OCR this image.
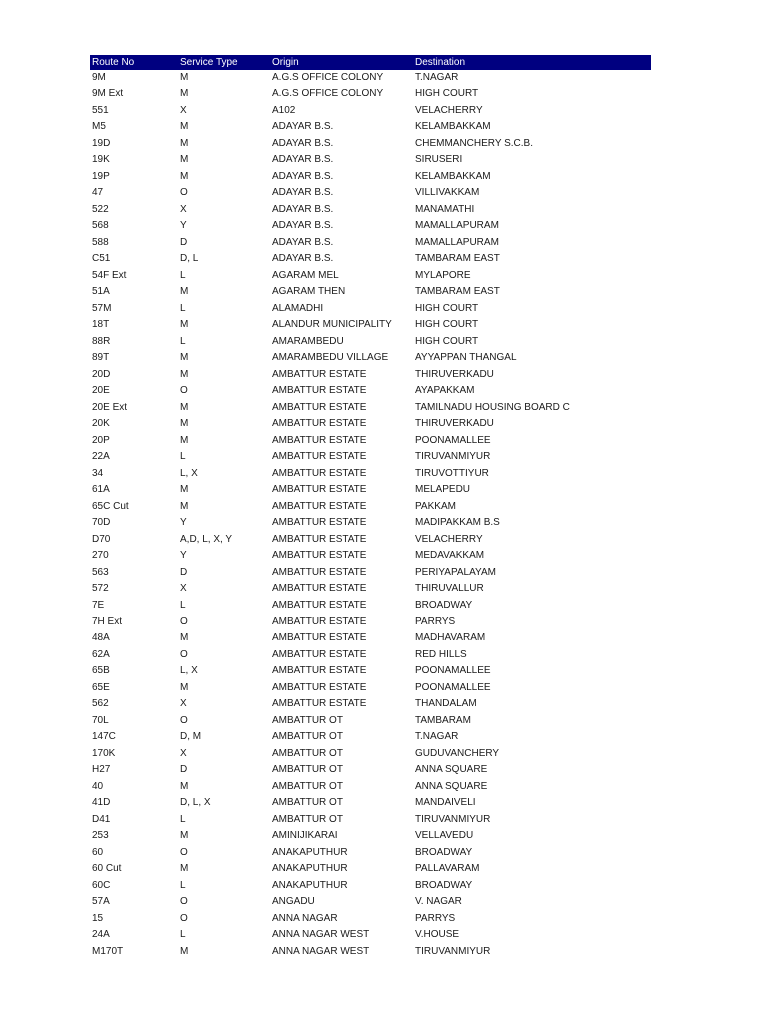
Route No	Service Type	Origin	Destination
9M	M	A.G.S OFFICE COLONY	T.NAGAR
9M Ext	M	A.G.S OFFICE COLONY	HIGH COURT
551	X	A102	VELACHERRY
M5	M	ADAYAR B.S.	KELAMBAKKAM
19D	M	ADAYAR B.S.	CHEMMANCHERY S.C.B.
19K	M	ADAYAR B.S.	SIRUSERI
19P	M	ADAYAR B.S.	KELAMBAKKAM
47	O	ADAYAR B.S.	VILLIVAKKAM
522	X	ADAYAR B.S.	MANAMATHI
568	Y	ADAYAR B.S.	MAMALLAPURAM
588	D	ADAYAR B.S.	MAMALLAPURAM
C51	D, L	ADAYAR B.S.	TAMBARAM EAST
54F Ext	L	AGARAM MEL	MYLAPORE
51A	M	AGARAM THEN	TAMBARAM EAST
57M	L	ALAMADHI	HIGH COURT
18T	M	ALANDUR MUNICIPALITY	HIGH COURT
88R	L	AMARAMBEDU	HIGH COURT
89T	M	AMARAMBEDU VILLAGE	AYYAPPAN THANGAL
20D	M	AMBATTUR ESTATE	THIRUVERKADU
20E	O	AMBATTUR ESTATE	AYAPAKKAM
20E Ext	M	AMBATTUR ESTATE	TAMILNADU HOUSING BOARD C
20K	M	AMBATTUR ESTATE	THIRUVERKADU
20P	M	AMBATTUR ESTATE	POONAMALLEE
22A	L	AMBATTUR ESTATE	TIRUVANMIYUR
34	L, X	AMBATTUR ESTATE	TIRUVOTTIYUR
61A	M	AMBATTUR ESTATE	MELAPEDU
65C Cut	M	AMBATTUR ESTATE	PAKKAM
70D	Y	AMBATTUR ESTATE	MADIPAKKAM B.S
D70	A,D, L, X, Y	AMBATTUR ESTATE	VELACHERRY
270	Y	AMBATTUR ESTATE	MEDAVAKKAM
563	D	AMBATTUR ESTATE	PERIYAPALAYAM
572	X	AMBATTUR ESTATE	THIRUVALLUR
7E	L	AMBATTUR ESTATE	BROADWAY
7H Ext	O	AMBATTUR ESTATE	PARRYS
48A	M	AMBATTUR ESTATE	MADHAVARAM
62A	O	AMBATTUR ESTATE	RED HILLS
65B	L, X	AMBATTUR ESTATE	POONAMALLEE
65E	M	AMBATTUR ESTATE	POONAMALLEE
562	X	AMBATTUR ESTATE	THANDALAM
70L	O	AMBATTUR OT	TAMBARAM
147C	D, M	AMBATTUR OT	T.NAGAR
170K	X	AMBATTUR OT	GUDUVANCHERY
H27	D	AMBATTUR OT	ANNA SQUARE
40	M	AMBATTUR OT	ANNA SQUARE
41D	D, L, X	AMBATTUR OT	MANDAIVELI
D41	L	AMBATTUR OT	TIRUVANMIYUR
253	M	AMINIJIKARAI	VELLAVEDU
60	O	ANAKAPUTHUR	BROADWAY
60 Cut	M	ANAKAPUTHUR	PALLAVARAM
60C	L	ANAKAPUTHUR	BROADWAY
57A	O	ANGADU	V. NAGAR
15	O	ANNA NAGAR	PARRYS
24A	L	ANNA NAGAR WEST	V.HOUSE
M170T	M	ANNA NAGAR WEST	TIRUVANMIYUR
